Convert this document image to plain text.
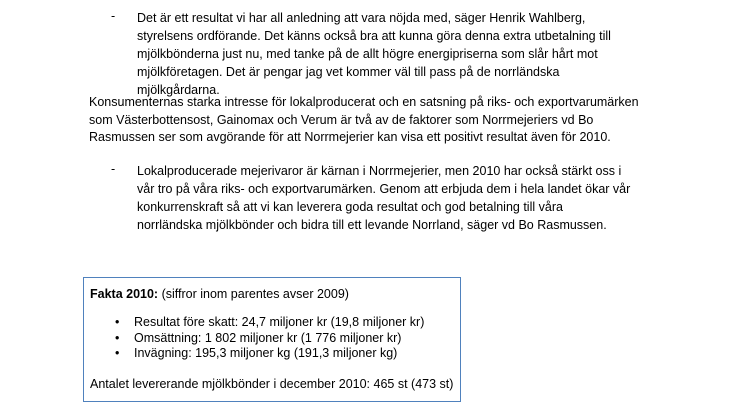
- Det är ett resultat vi har all anledning att vara nöjda med, säger Henrik Wahlberg, styrelsens ordförande. Det känns också bra att kunna göra denna extra utbetalning till mjölkbönderna just nu, med tanke på de allt högre energipriserna som slår hårt mot mjölkföretagen. Det är pengar jag vet kommer väl till pass på de norrländska mjölkgårdarna.

Konsumenternas starka intresse för lokalproducerat och en satsning på riks- och exportvarumärken som Västerbottensost, Gainomax och Verum är två av de faktorer som Norrmejeriers vd Bo Rasmussen ser som avgörande för att Norrmejerier kan visa ett positivt resultat även för 2010.

- Lokalproducerade mejerivaror är kärnan i Norrmejerier, men 2010 har också stärkt oss i vår tro på våra riks- och exportvarumärken. Genom att erbjuda dem i hela landet ökar vår konkurrenskraft så att vi kan leverera goda resultat och god betalning till våra norrländska mjölkbönder och bidra till ett levande Norrland, säger vd Bo Rasmussen.

Fakta 2010: (siffror inom parentes avser 2009)

• Resultat före skatt: 24,7 miljoner kr (19,8 miljoner kr)
• Omsättning: 1 802 miljoner kr (1 776 miljoner kr)
• Invägning: 195,3 miljoner kg (191,3 miljoner kg)

Antalet levererande mjölkbönder i december 2010: 465 st (473 st)
